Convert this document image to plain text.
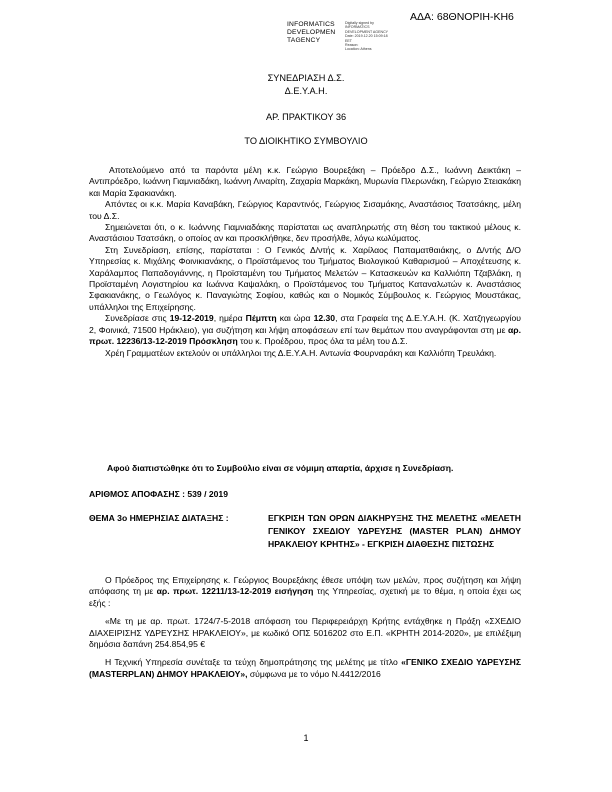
ΑΔΑ: 68ΘΝΟΡΙΗ-ΚΗ6
INFORMATICS
DEVELOPMEN
TAGENCY
Digitally signed by
INFORMATICS
DEVELOPMENT AGENCY
Date: 2019.12.20 15:09:18
EET
Reason:
Location: Athens
ΣΥΝΕΔΡΙΑΣΗ Δ.Σ.
Δ.Ε.Υ.Α.Η.
ΑΡ. ΠΡΑΚΤΙΚΟΥ 36
ΤΟ ΔΙΟΙΚΗΤΙΚΟ ΣΥΜΒΟΥΛΙΟ

Αποτελούμενο από τα παρόντα μέλη κ.κ. Γεώργιο Βουρεξάκη – Πρόεδρο Δ.Σ., Ιωάννη Δεικτάκη – Αντιπρόεδρο, Ιωάννη Γιαμνιαδάκη, Ιωάννη Λιναρίτη, Ζαχαρία Μαρκάκη, Μυρωνία Πλερωνάκη, Γεώργιο Στειακάκη και Μαρία Σφακιανάκη.

Απόντες οι κ.κ. Μαρία Καναβάκη, Γεώργιος Καραντινός, Γεώργιος Σισαμάκης, Αναστάσιος Τσατσάκης, μέλη του Δ.Σ.

Σημειώνεται ότι, ο κ. Ιωάννης Γιαμνιαδάκης παρίσταται ως αναπληρωτής στη θέση του τακτικού μέλους κ. Αναστάσιου Τσατσάκη, ο οποίος αν και προσκλήθηκε, δεν προσήλθε, λόγω κωλύματος.

Στη Συνεδρίαση, επίσης, παρίσταται : Ο Γενικός Δ/ντής κ. Χαρίλαος Παπαματθαιάκης, ο Δ/ντής Δ/Ο Υπηρεσίας κ. Μιχάλης Φοινικιανάκης, ο Προϊστάμενος του Τμήματος Βιολογικού Καθαρισμού – Αποχέτευσης κ. Χαράλαμπος Παπαδογιάννης, η Προϊσταμένη του Τμήματος Μελετών – Κατασκευών κα Καλλιόπη Τζαβλάκη, η Προϊσταμένη Λογιστηρίου κα Ιωάννα Καψαλάκη, ο Προϊστάμενος του Τμήματος Καταναλωτών κ. Αναστάσιος Σφακιανάκης, ο Γεωλόγος κ. Παναγιώτης Σοφίου, καθώς και ο Νομικός Σύμβουλος κ. Γεώργιος Μουστάκας, υπάλληλοι της Επιχείρησης.

Συνεδρίασε στις 19-12-2019, ημέρα Πέμπτη και ώρα 12.30, στα Γραφεία της Δ.Ε.Υ.Α.Η. (Κ. Χατζηγεωργίου 2, Φοινικά, 71500 Ηράκλειο), για συζήτηση και λήψη αποφάσεων επί των θεμάτων που αναγράφονται στη με αρ. πρωτ. 12236/13-12-2019 Πρόσκληση του κ. Προέδρου, προς όλα τα μέλη του Δ.Σ.

Χρέη Γραμματέων εκτελούν οι υπάλληλοι της Δ.Ε.Υ.Α.Η. Αντωνία Φουρναράκη και Καλλιόπη Τρευλάκη.

Αφού διαπιστώθηκε ότι το Συμβούλιο είναι σε νόμιμη απαρτία, άρχισε η Συνεδρίαση.
ΑΡΙΘΜΟΣ ΑΠΟΦΑΣΗΣ : 539 / 2019
ΘΕΜΑ 3ο ΗΜΕΡΗΣΙΑΣ ΔΙΑΤΑΞΗΣ :	ΕΓΚΡΙΣΗ ΤΩΝ ΟΡΩΝ ΔΙΑΚΗΡΥΞΗΣ ΤΗΣ ΜΕΛΕΤΗΣ «ΜΕΛΕΤΗ ΓΕΝΙΚΟΥ ΣΧΕΔΙΟΥ ΥΔΡΕΥΣΗΣ (MASTER PLAN) ΔΗΜΟΥ ΗΡΑΚΛΕΙΟΥ ΚΡΗΤΗΣ» - ΕΓΚΡΙΣΗ ΔΙΑΘΕΣΗΣ ΠΙΣΤΩΣΗΣ

Ο Πρόεδρος της Επιχείρησης κ. Γεώργιος Βουρεξάκης έθεσε υπόψη των μελών, προς συζήτηση και λήψη απόφασης τη με αρ. πρωτ. 12211/13-12-2019 εισήγηση της Υπηρεσίας, σχετική με το θέμα, η οποία έχει ως εξής :

«Με τη με αρ. πρωτ. 1724/7-5-2018 απόφαση του Περιφερειάρχη Κρήτης εντάχθηκε η Πράξη «ΣΧΕΔΙΟ ΔΙΑΧΕΙΡΙΣΗΣ ΥΔΡΕΥΣΗΣ ΗΡΑΚΛΕΙΟΥ», με κωδικό ΟΠΣ 5016202 στο Ε.Π. «ΚΡΗΤΗ 2014-2020», με επιλέξιμη δημόσια δαπάνη 254.854,95 €

Η Τεχνική Υπηρεσία συνέταξε τα τεύχη δημοπράτησης της μελέτης με τίτλο «ΓΕΝΙΚΟ ΣΧΕΔΙΟ ΥΔΡΕΥΣΗΣ (MASTERPLAN) ΔΗΜΟΥ ΗΡΑΚΛΕΙΟΥ», σύμφωνα με το νόμο Ν.4412/2016

1
